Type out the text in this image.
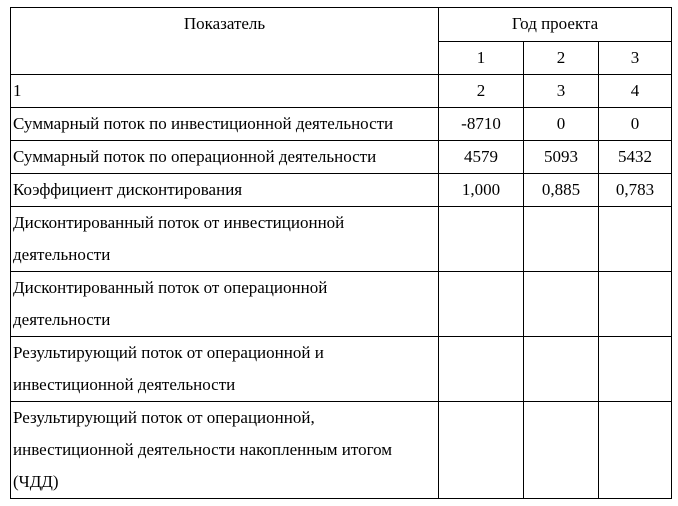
Показатель	Год проекта		
	1	2	3
1	2	3	4
Суммарный поток по инвестиционной деятельности	-8710	0	0
Суммарный поток по операционной деятельности	4579	5093	5432
Коэффициент дисконтирования	1,000	0,885	0,783

Дисконтированный поток от инвестиционной
деятельности			

Дисконтированный поток от операционной
деятельности			

Результирующий поток от операционной и
инвестиционной деятельности			

Результирующий поток от операционной,
инвестиционной деятельности накопленным итогом
(ЧДД)			
